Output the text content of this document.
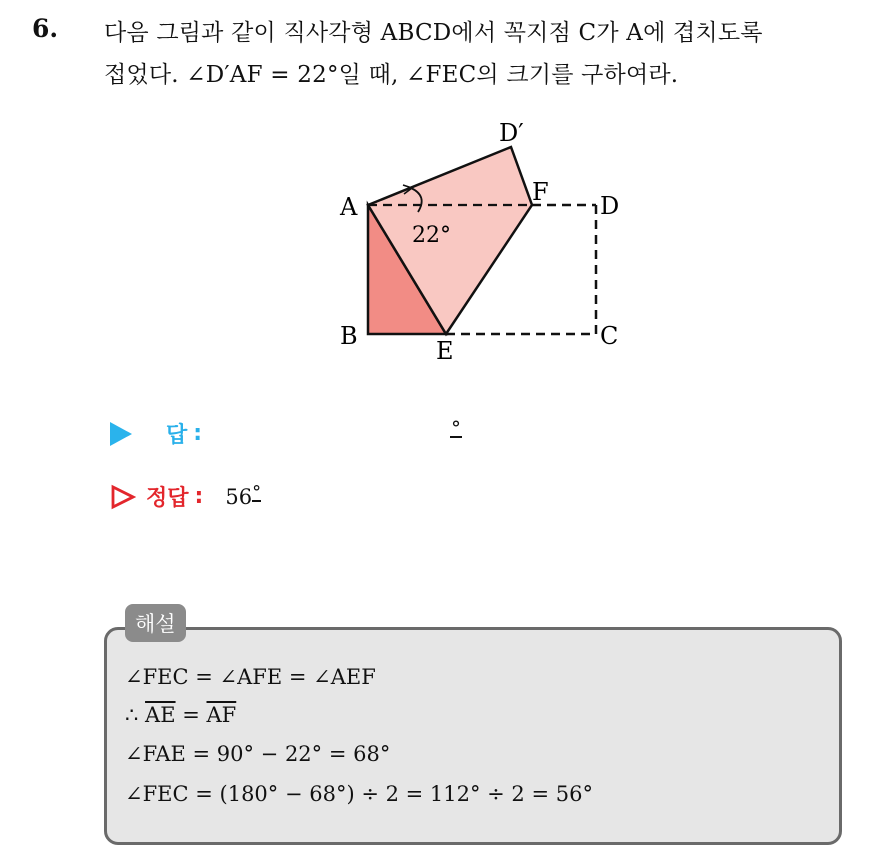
6. 다음 그림과 같이 직사각형 ABCD에서 꼭지점 C가 A에 겹치도록
접었다. ∠D′AF = 22°일 때, ∠FEC의 크기를 구하여라.
D′
A
F D
B
E
C
22°
답 :	°
정답 : 56°
해설
∠FEC = ∠AFE = ∠AEF
∴ $\overline{AE} = \overline{AF}$
∠FAE = 90° − 22° = 68°
∠FEC = (180° − 68°) ÷ 2 = 112° ÷ 2 = 56°
